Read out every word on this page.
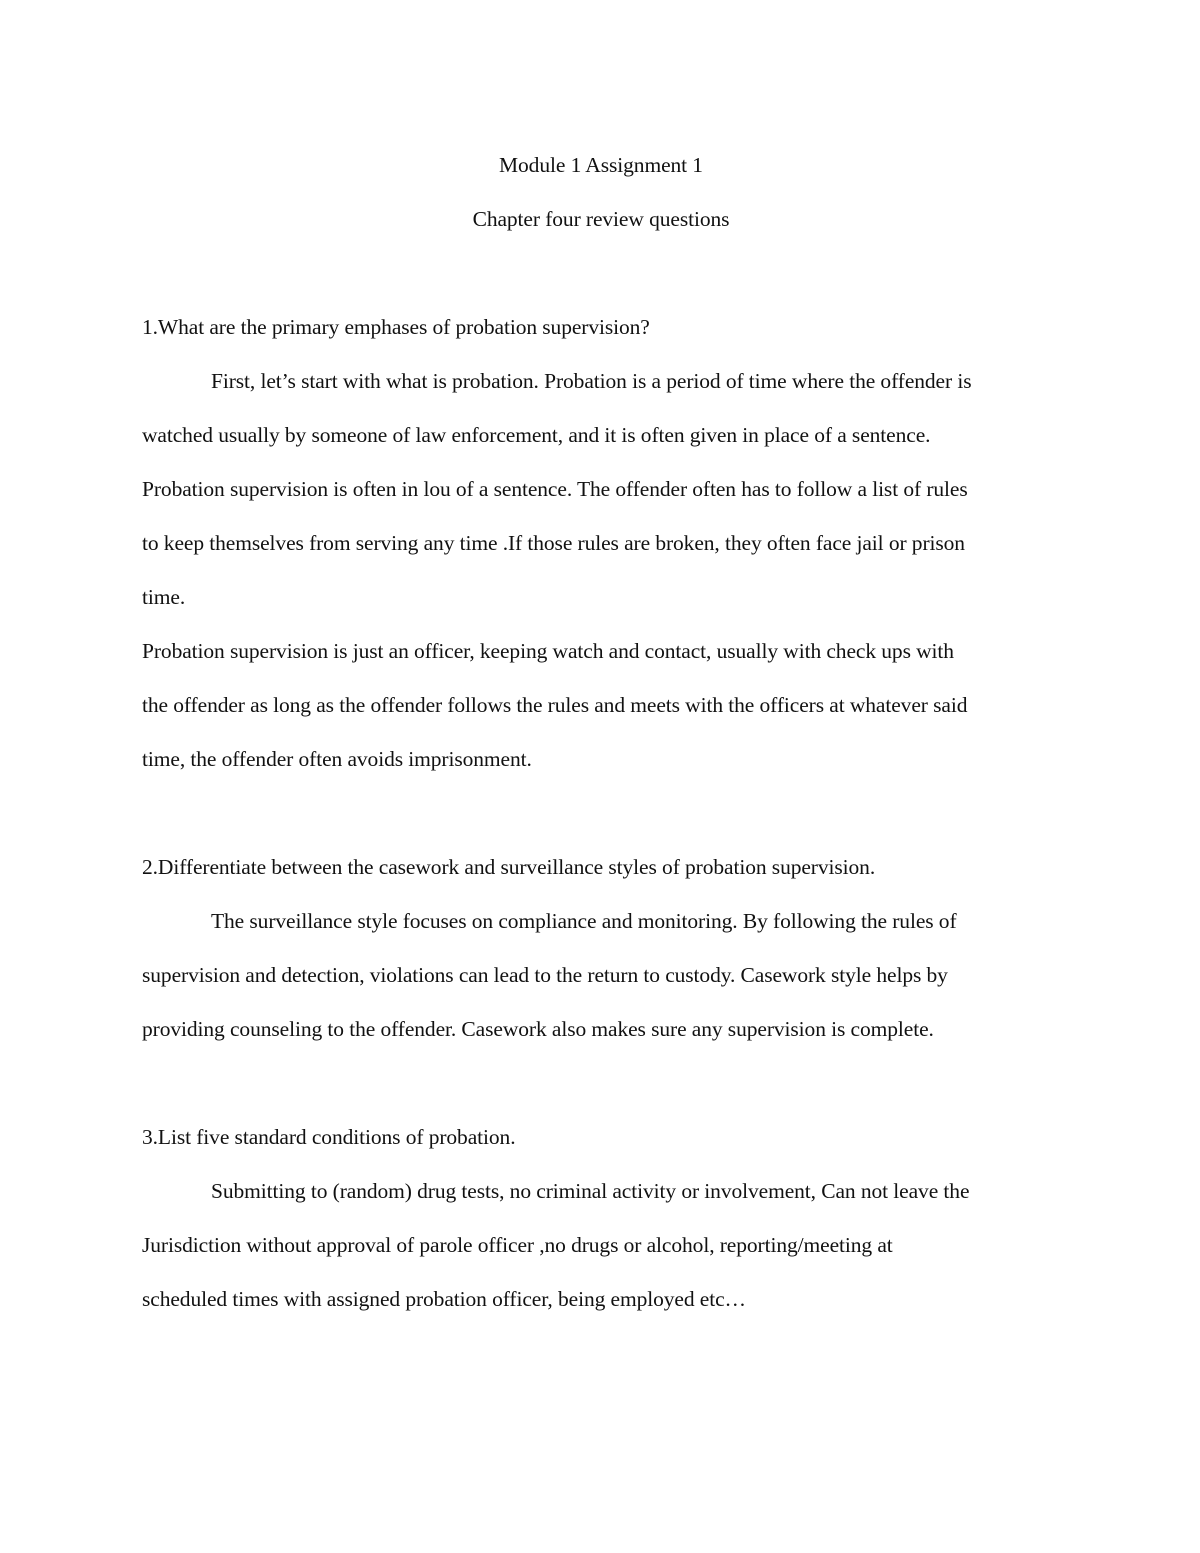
Module 1 Assignment 1
Chapter four review questions
1.What are the primary emphases of probation supervision?
First, let’s start with what is probation. Probation is a period of time where the offender is
watched usually by someone of law enforcement, and it is often given in place of a sentence.
Probation supervision is often in lou of a sentence. The offender often has to follow a list of rules
to keep themselves from serving any time .If those rules are broken, they often face jail or prison
time.
Probation supervision is just an officer, keeping watch and contact, usually with check ups with
the offender as long as the offender follows the rules and meets with the officers at whatever said
time, the offender often avoids imprisonment.
2.Differentiate between the casework and surveillance styles of probation supervision.
The surveillance style focuses on compliance and monitoring. By following the rules of
supervision and detection, violations can lead to the return to custody. Casework style helps by
providing counseling to the offender. Casework also makes sure any supervision is complete.
3.List five standard conditions of probation.
Submitting to (random) drug tests, no criminal activity or involvement, Can not leave the
Jurisdiction without approval of parole officer ,no drugs or alcohol, reporting/meeting at
scheduled times with assigned probation officer, being employed etc…
